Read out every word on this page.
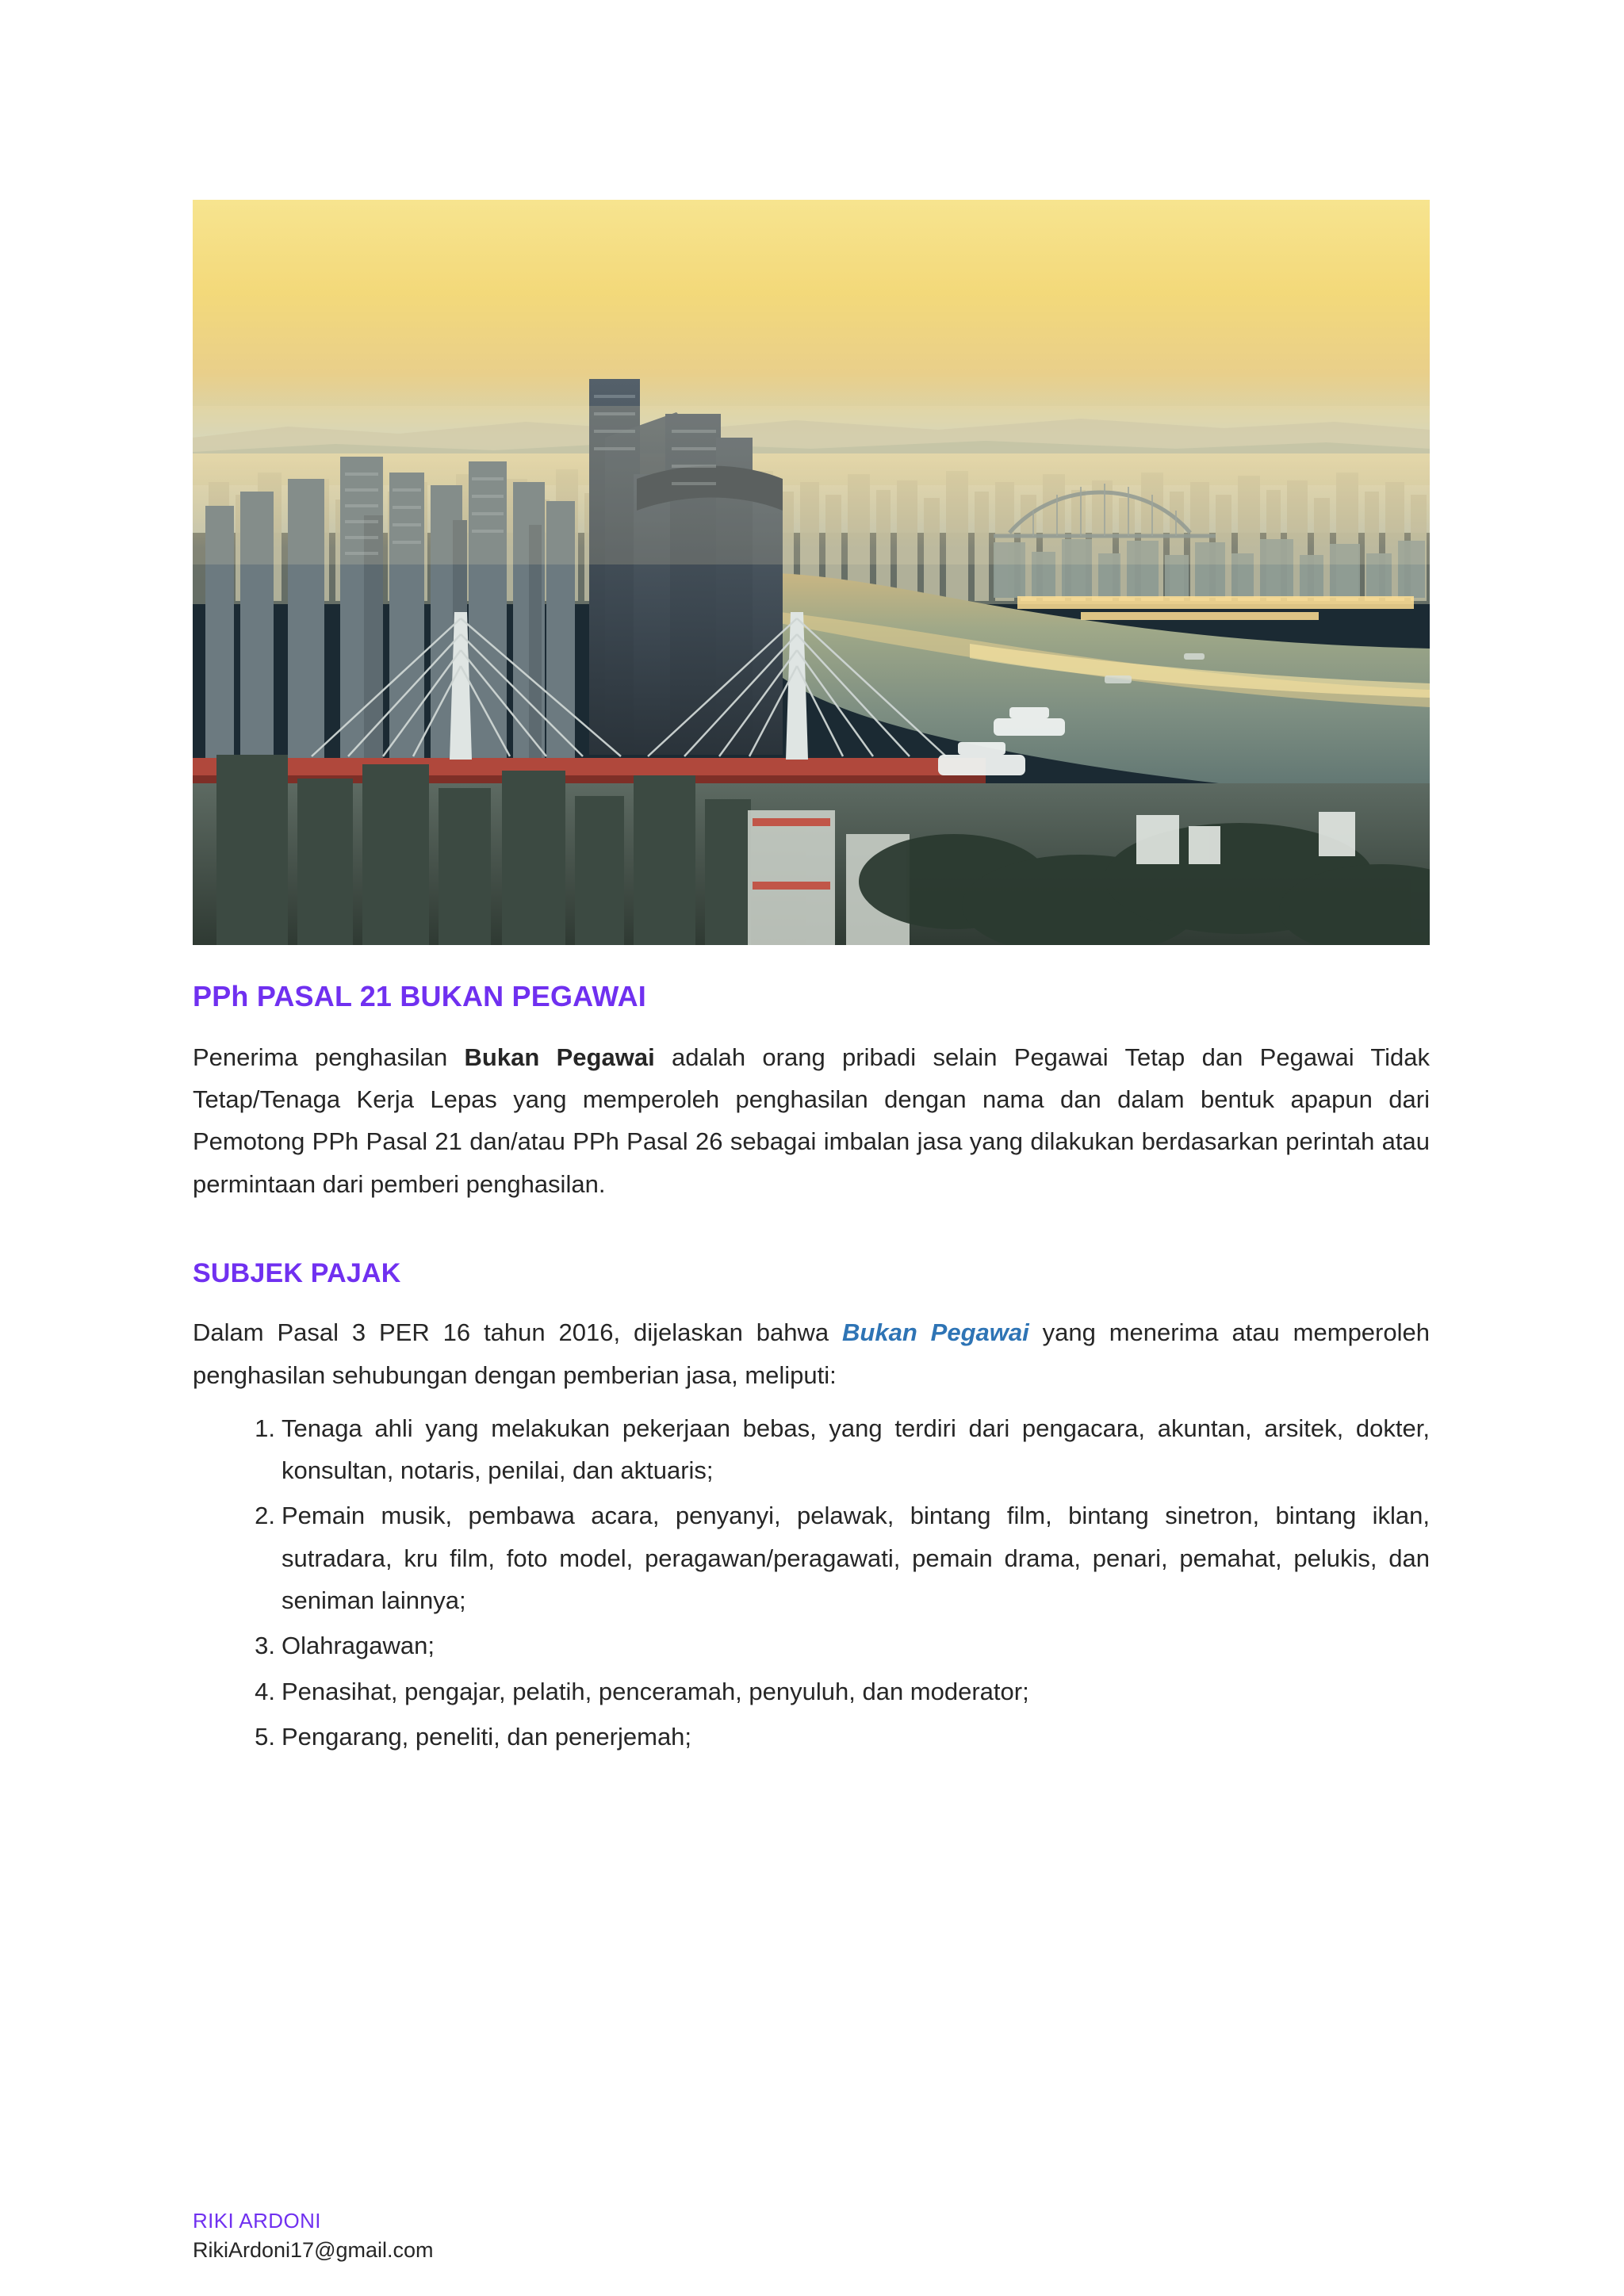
PPh PASAL 21 BUKAN PEGAWAI

Penerima penghasilan Bukan Pegawai adalah orang pribadi selain Pegawai Tetap dan Pegawai Tidak Tetap/Tenaga Kerja Lepas yang memperoleh penghasilan dengan nama dan dalam bentuk apapun dari Pemotong PPh Pasal 21 dan/atau PPh Pasal 26 sebagai imbalan jasa yang dilakukan berdasarkan perintah atau permintaan dari pemberi penghasilan.

SUBJEK PAJAK

Dalam Pasal 3 PER 16 tahun 2016, dijelaskan bahwa Bukan Pegawai yang menerima atau memperoleh penghasilan sehubungan dengan pemberian jasa, meliputi:

Tenaga ahli yang melakukan pekerjaan bebas, yang terdiri dari pengacara, akuntan, arsitek, dokter, konsultan, notaris, penilai, dan aktuaris;
Pemain musik, pembawa acara, penyanyi, pelawak, bintang film, bintang sinetron, bintang iklan, sutradara, kru film, foto model, peragawan/peragawati, pemain drama, penari, pemahat, pelukis, dan seniman lainnya;
Olahragawan;
Penasihat, pengajar, pelatih, penceramah, penyuluh, dan moderator;
Pengarang, peneliti, dan penerjemah;
RIKI ARDONI
RikiArdoni17@gmail.com
